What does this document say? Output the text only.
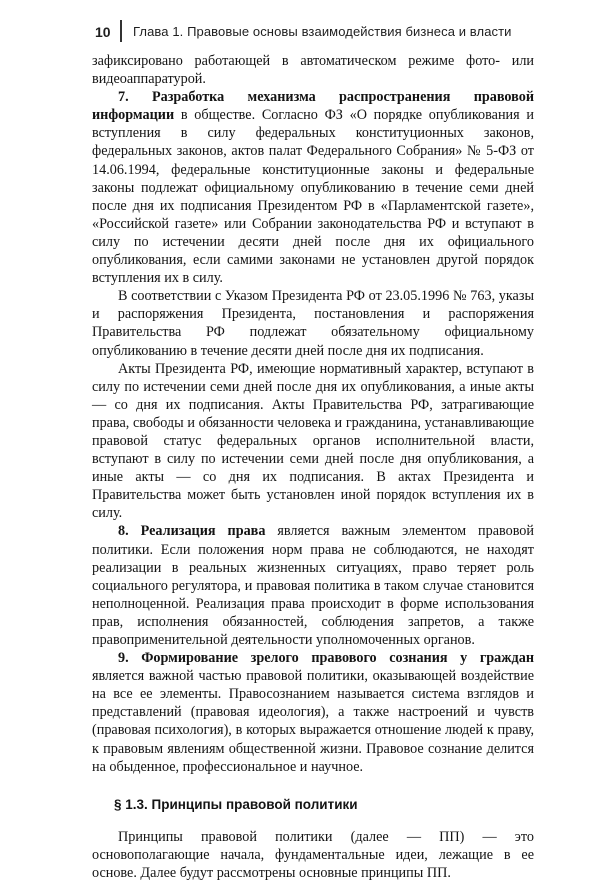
10 Глава 1. Правовые основы взаимодействия бизнеса и власти

зафиксировано работающей в автоматическом режиме фото- или видеоаппаратурой.

7. Разработка механизма распространения правовой информации в обществе. Согласно ФЗ «О порядке опубликования и вступления в силу федеральных конституционных законов, федеральных законов, актов палат Федерального Собрания» № 5-ФЗ от 14.06.1994, федеральные конституционные законы и федеральные законы подлежат официальному опубликованию в течение семи дней после дня их подписания Президентом РФ в «Парламентской газете», «Российской газете» или Собрании законодательства РФ и вступают в силу по истечении десяти дней после дня их официального опубликования, если самими законами не установлен другой порядок вступления их в силу.

В соответствии с Указом Президента РФ от 23.05.1996 № 763, указы и распоряжения Президента, постановления и распоряжения Правительства РФ подлежат обязательному официальному опубликованию в течение десяти дней после дня их подписания.

Акты Президента РФ, имеющие нормативный характер, вступают в силу по истечении семи дней после дня их опубликования, а иные акты — со дня их подписания. Акты Правительства РФ, затрагивающие права, свободы и обязанности человека и гражданина, устанавливающие правовой статус федеральных органов исполнительной власти, вступают в силу по истечении семи дней после дня опубликования, а иные акты — со дня их подписания. В актах Президента и Правительства может быть установлен иной порядок вступления их в силу.

8. Реализация права является важным элементом правовой политики. Если положения норм права не соблюдаются, не находят реализации в реальных жизненных ситуациях, право теряет роль социального регулятора, и правовая политика в таком случае становится неполноценной. Реализация права происходит в форме использования прав, исполнения обязанностей, соблюдения запретов, а также правоприменительной деятельности уполномоченных органов.

9. Формирование зрелого правового сознания у граждан является важной частью правовой политики, оказывающей воздействие на все ее элементы. Правосознанием называется система взглядов и представлений (правовая идеология), а также настроений и чувств (правовая психология), в которых выражается отношение людей к праву, к правовым явлениям общественной жизни. Правовое сознание делится на обыденное, профессиональное и научное.

§ 1.3. Принципы правовой политики

Принципы правовой политики (далее — ПП) — это основополагающие начала, фундаментальные идеи, лежащие в ее основе. Далее будут рассмотрены основные принципы ПП.
